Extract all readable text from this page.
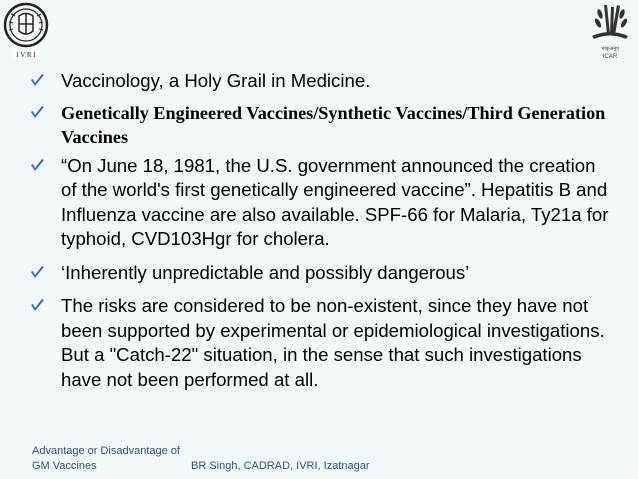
I V R I
भाकृअनुप
ICAR
Vaccinology, a Holy Grail in Medicine.
Genetically Engineered Vaccines/Synthetic Vaccines/Third Generation Vaccines
“On June 18, 1981, the U.S. government announced the creation of the world's first genetically engineered vaccine”. Hepatitis B and Influenza vaccine are also available. SPF-66 for Malaria, Ty21a for typhoid, CVD103Hgr for cholera.
‘Inherently unpredictable and possibly dangerous’
The risks are considered to be non-existent, since they have not been supported by experimental or epidemiological investigations. But a "Catch-22" situation, in the sense that such investigations have not been performed at all.
Advantage or Disadvantage of
GM Vaccines	BR Singh, CADRAD, IVRI, Izatnagar
